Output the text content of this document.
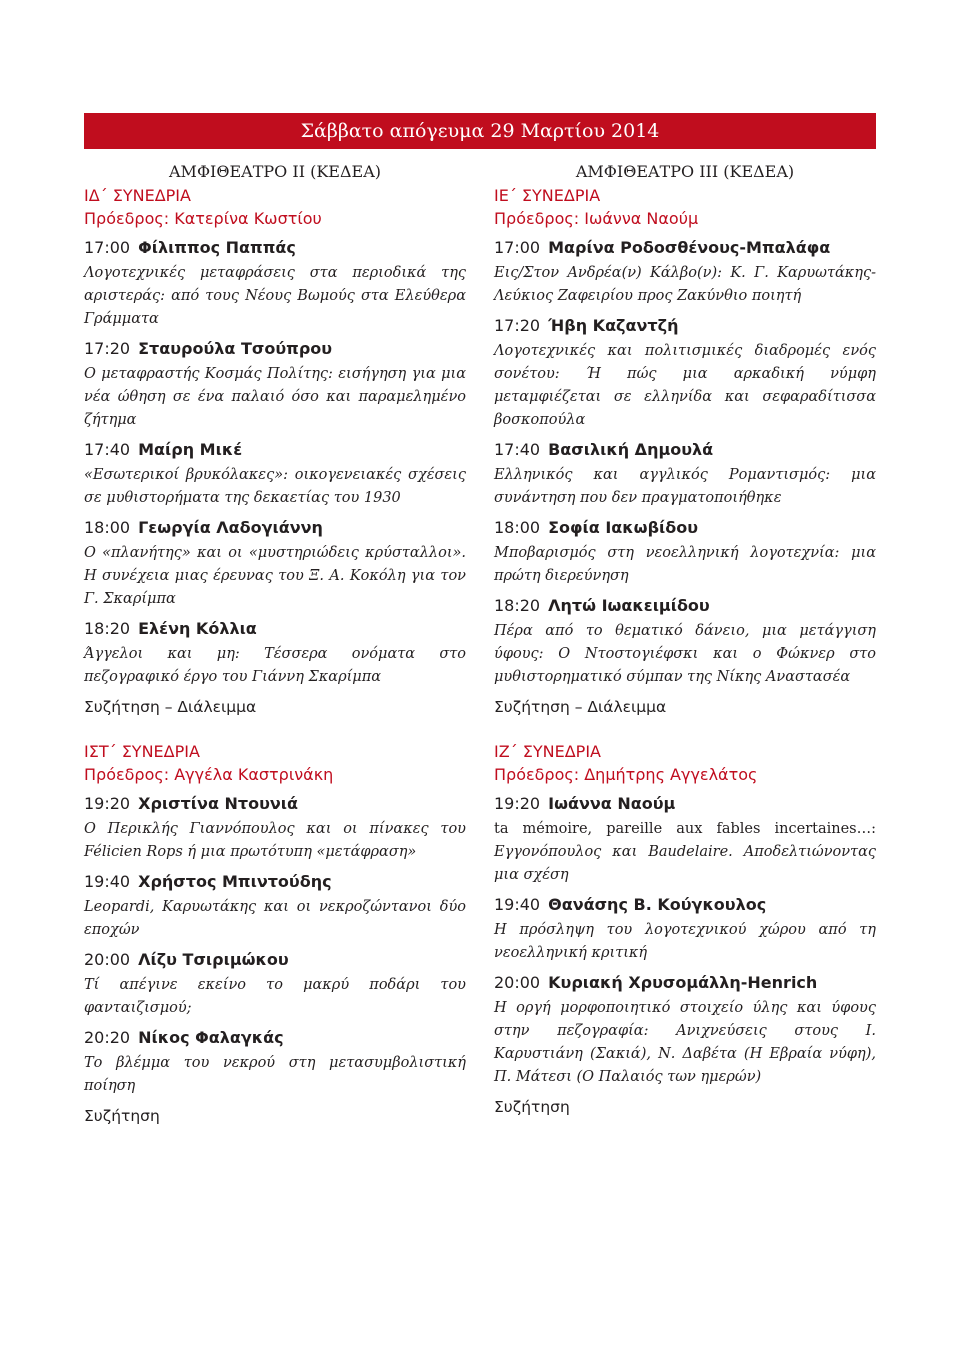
Σάββατο απόγευμα 29 Μαρτίου 2014
ΑΜΦΙΘΕΑΤΡΟ ΙΙ (ΚΕΔΕΑ)
ΙΔ΄ ΣΥΝΕΔΡΙΑ
Πρόεδρος: Κατερίνα Κωστίου
17:00 Φίλιππος Παππάς
Λογοτεχνικές μεταφράσεις στα περιοδικά της αριστεράς: από τους Νέους Βωμούς στα Ελεύθερα Γράμματα
17:20 Σταυρούλα Τσούπρου
Ο μεταφραστής Κοσμάς Πολίτης: εισήγηση για μια νέα ώθηση σε ένα παλαιό όσο και παραμελημένο ζήτημα
17:40 Μαίρη Μικέ
«Εσωτερικοί βρυκόλακες»: οικογενειακές σχέσεις σε μυθιστορήματα της δεκαετίας του 1930
18:00 Γεωργία Λαδογιάννη
Ο «πλανήτης» και οι «μυστηριώδεις κρύσταλλοι». Η συνέχεια μιας έρευνας του Ξ. Α. Κοκόλη για τον Γ. Σκαρίμπα
18:20 Ελένη Κόλλια
Άγγελοι και μη: Τέσσερα ονόματα στο πεζογραφικό έργο του Γιάννη Σκαρίμπα
Συζήτηση – Διάλειμμα
ΑΜΦΙΘΕΑΤΡΟ ΙΙΙ (ΚΕΔΕΑ)
ΙΕ΄ ΣΥΝΕΔΡΙΑ
Πρόεδρος: Ιωάννα Ναούμ
17:00 Μαρίνα Ροδοσθένους-Μπαλάφα
Εις/Στον Ανδρέα(ν) Κάλβο(ν): Κ. Γ. Καρυωτάκης-Λεύκιος Ζαφειρίου προς Ζακύνθιο ποιητή
17:20 Ήβη Καζαντζή
Λογοτεχνικές και πολιτισμικές διαδρομές ενός σονέτου: Ή πώς μια αρκαδική νύμφη μεταμφιέζεται σε ελληνίδα και σεφαραδίτισσα βοσκοπούλα
17:40 Βασιλική Δημουλά
Ελληνικός και αγγλικός Ρομαντισμός: μια συνάντηση που δεν πραγματοποιήθηκε
18:00 Σοφία Ιακωβίδου
Μποβαρισμός στη νεοελληνική λογοτεχνία: μια πρώτη διερεύνηση
18:20 Λητώ Ιωακειμίδου
Πέρα από το θεματικό δάνειο, μια μετάγγιση ύφους: Ο Ντοστογιέφσκι και ο Φώκνερ στο μυθιστορηματικό σύμπαν της Νίκης Αναστασέα
Συζήτηση – Διάλειμμα
ΙΣΤ΄ ΣΥΝΕΔΡΙΑ
Πρόεδρος: Αγγέλα Καστρινάκη
19:20 Χριστίνα Ντουνιά
Ο Περικλής Γιαννόπουλος και οι πίνακες του Félicien Rops ή μια πρωτότυπη «μετάφραση»
19:40 Χρήστος Μπιντούδης
Leopardi, Καρυωτάκης και οι νεκροζώντανοι δύο εποχών
20:00 Λίζυ Τσιριμώκου
Τί απέγινε εκείνο το μακρύ ποδάρι του φανταιζισμού;
20:20 Νίκος Φαλαγκάς
Το βλέμμα του νεκρού στη μετασυμβολιστική ποίηση
Συζήτηση
ΙΖ΄ ΣΥΝΕΔΡΙΑ
Πρόεδρος: Δημήτρης Αγγελάτος
19:20 Ιωάννα Ναούμ
ta mémoire, pareille aux fables incertaines…: Εγγονόπουλος και Baudelaire. Αποδελτιώνοντας μια σχέση
19:40 Θανάσης Β. Κούγκουλος
Η πρόσληψη του λογοτεχνικού χώρου από τη νεοελληνική κριτική
20:00 Κυριακή Χρυσομάλλη-Henrich
Η οργή μορφοποιητικό στοιχείο ύλης και ύφους στην πεζογραφία: Ανιχνεύσεις στους Ι. Καρυστιάνη (Σακιά), Ν. Δαβέτα (Η Εβραία νύφη), Π. Μάτεσι (Ο Παλαιός των ημερών)
Συζήτηση
